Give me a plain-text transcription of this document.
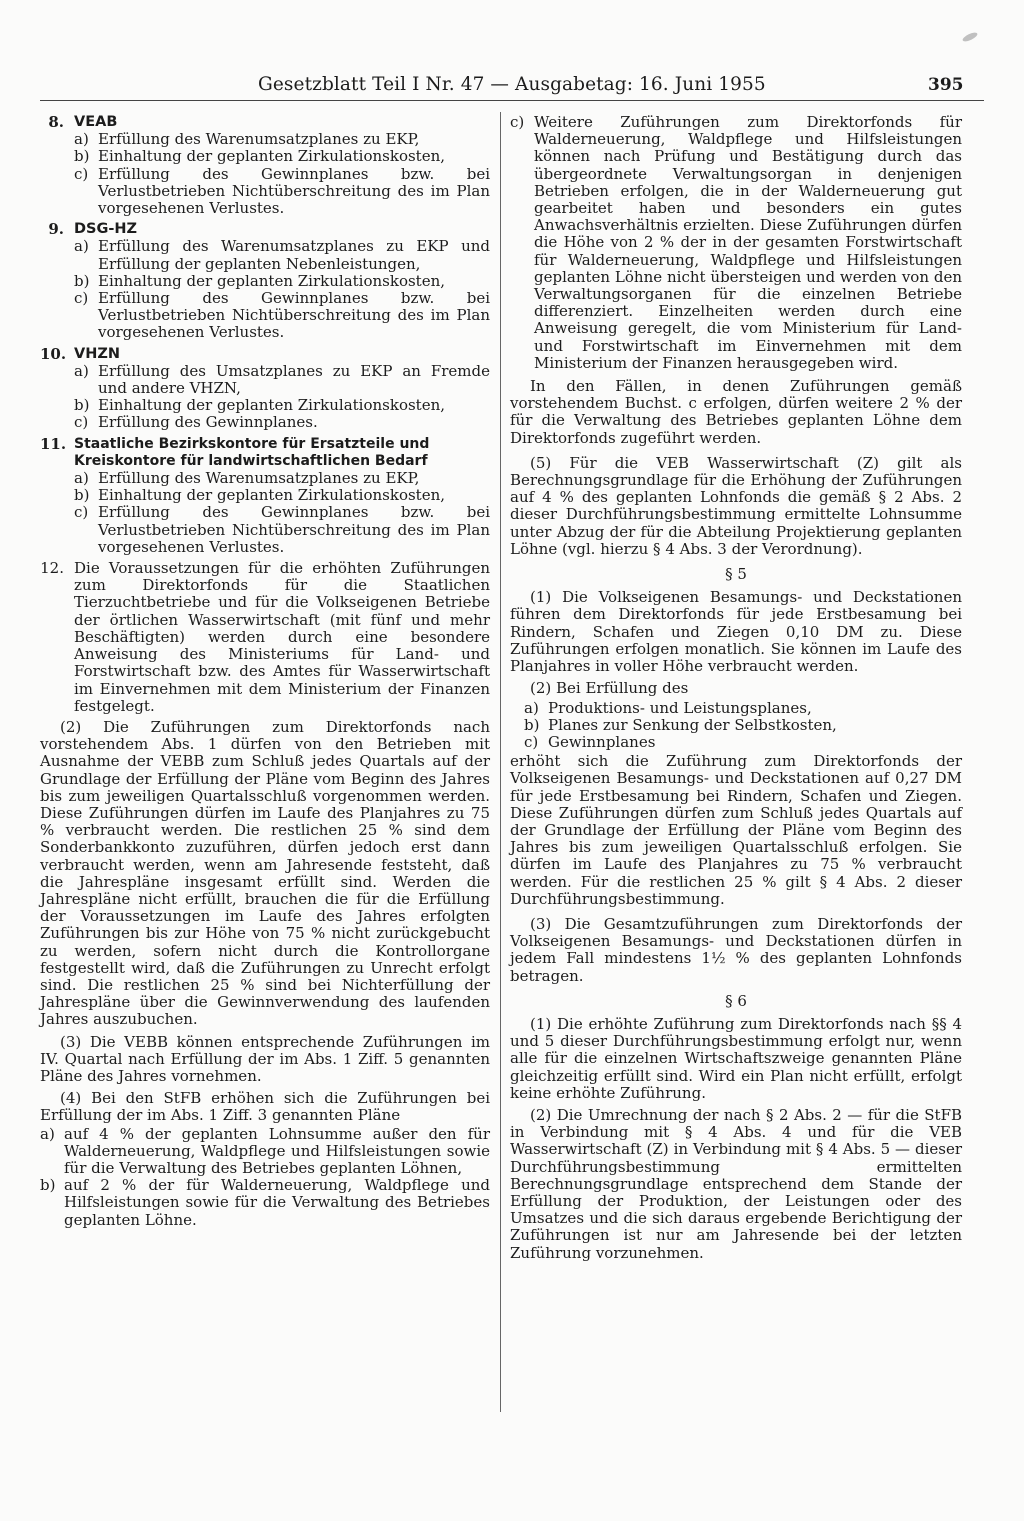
Gesetzblatt Teil I Nr. 47 — Ausgabetag: 16. Juni 1955	395
8. VEAB
a) Erfüllung des Warenumsatzplanes zu EKP,
b) Einhaltung der geplanten Zirkulationskosten,
c) Erfüllung des Gewinnplanes bzw. bei Verlustbetrieben Nichtüberschreitung des im Plan vorgesehenen Verlustes.
9. DSG-HZ
a) Erfüllung des Warenumsatzplanes zu EKP und Erfüllung der geplanten Nebenleistungen,
b) Einhaltung der geplanten Zirkulationskosten,
c) Erfüllung des Gewinnplanes bzw. bei Verlustbetrieben Nichtüberschreitung des im Plan vorgesehenen Verlustes.
10. VHZN
a) Erfüllung des Umsatzplanes zu EKP an Fremde und andere VHZN,
b) Einhaltung der geplanten Zirkulationskosten,
c) Erfüllung des Gewinnplanes.
11. Staatliche Bezirkskontore für Ersatzteile und Kreiskontore für landwirtschaftlichen Bedarf
a) Erfüllung des Warenumsatzplanes zu EKP,
b) Einhaltung der geplanten Zirkulationskosten,
c) Erfüllung des Gewinnplanes bzw. bei Verlustbetrieben Nichtüberschreitung des im Plan vorgesehenen Verlustes.
12. Die Voraussetzungen für die erhöhten Zuführungen zum Direktorfonds für die Staatlichen Tierzuchtbetriebe und für die Volkseigenen Betriebe der örtlichen Wasserwirtschaft (mit fünf und mehr Beschäftigten) werden durch eine besondere Anweisung des Ministeriums für Land- und Forstwirtschaft bzw. des Amtes für Wasserwirtschaft im Einvernehmen mit dem Ministerium der Finanzen festgelegt.

(2) Die Zuführungen zum Direktorfonds nach vorstehendem Abs. 1 dürfen von den Betrieben mit Ausnahme der VEBB zum Schluß jedes Quartals auf der Grundlage der Erfüllung der Pläne vom Beginn des Jahres bis zum jeweiligen Quartalsschluß vorgenommen werden. Diese Zuführungen dürfen im Laufe des Planjahres zu 75 % verbraucht werden. Die restlichen 25 % sind dem Sonderbankkonto zuzuführen, dürfen jedoch erst dann verbraucht werden, wenn am Jahresende feststeht, daß die Jahrespläne insgesamt erfüllt sind. Werden die Jahrespläne nicht erfüllt, brauchen die für die Erfüllung der Voraussetzungen im Laufe des Jahres erfolgten Zuführungen bis zur Höhe von 75 % nicht zurückgebucht zu werden, sofern nicht durch die Kontrollorgane festgestellt wird, daß die Zuführungen zu Unrecht erfolgt sind. Die restlichen 25 % sind bei Nichterfüllung der Jahrespläne über die Gewinnverwendung des laufenden Jahres auszubuchen.

(3) Die VEBB können entsprechende Zuführungen im IV. Quartal nach Erfüllung der im Abs. 1 Ziff. 5 genannten Pläne des Jahres vornehmen.

(4) Bei den StFB erhöhen sich die Zuführungen bei Erfüllung der im Abs. 1 Ziff. 3 genannten Pläne

a) auf 4 % der geplanten Lohnsumme außer den für Walderneuerung, Waldpflege und Hilfsleistungen sowie für die Verwaltung des Betriebes geplanten Löhnen,
b) auf 2 % der für Walderneuerung, Waldpflege und Hilfsleistungen sowie für die Verwaltung des Betriebes geplanten Löhne.
c) Weitere Zuführungen zum Direktorfonds für Walderneuerung, Waldpflege und Hilfsleistungen können nach Prüfung und Bestätigung durch das übergeordnete Verwaltungsorgan in denjenigen Betrieben erfolgen, die in der Walderneuerung gut gearbeitet haben und besonders ein gutes Anwachsverhältnis erzielten. Diese Zuführungen dürfen die Höhe von 2 % der in der gesamten Forstwirtschaft für Walderneuerung, Waldpflege und Hilfsleistungen geplanten Löhne nicht übersteigen und werden von den Verwaltungsorganen für die einzelnen Betriebe differenziert. Einzelheiten werden durch eine Anweisung geregelt, die vom Ministerium für Land- und Forstwirtschaft im Einvernehmen mit dem Ministerium der Finanzen herausgegeben wird.

In den Fällen, in denen Zuführungen gemäß vorstehendem Buchst. c erfolgen, dürfen weitere 2 % der für die Verwaltung des Betriebes geplanten Löhne dem Direktorfonds zugeführt werden.

(5) Für die VEB Wasserwirtschaft (Z) gilt als Berechnungsgrundlage für die Erhöhung der Zuführungen auf 4 % des geplanten Lohnfonds die gemäß § 2 Abs. 2 dieser Durchführungsbestimmung ermittelte Lohnsumme unter Abzug der für die Abteilung Projektierung geplanten Löhne (vgl. hierzu § 4 Abs. 3 der Verordnung).

§ 5

(1) Die Volkseigenen Besamungs- und Deckstationen führen dem Direktorfonds für jede Erstbesamung bei Rindern, Schafen und Ziegen 0,10 DM zu. Diese Zuführungen erfolgen monatlich. Sie können im Laufe des Planjahres in voller Höhe verbraucht werden.

(2) Bei Erfüllung des

a) Produktions- und Leistungsplanes,
b) Planes zur Senkung der Selbstkosten,
c) Gewinnplanes

erhöht sich die Zuführung zum Direktorfonds der Volkseigenen Besamungs- und Deckstationen auf 0,27 DM für jede Erstbesamung bei Rindern, Schafen und Ziegen. Diese Zuführungen dürfen zum Schluß jedes Quartals auf der Grundlage der Erfüllung der Pläne vom Beginn des Jahres bis zum jeweiligen Quartalsschluß erfolgen. Sie dürfen im Laufe des Planjahres zu 75 % verbraucht werden. Für die restlichen 25 % gilt § 4 Abs. 2 dieser Durchführungsbestimmung.

(3) Die Gesamtzuführungen zum Direktorfonds der Volkseigenen Besamungs- und Deckstationen dürfen in jedem Fall mindestens 1½ % des geplanten Lohnfonds betragen.

§ 6

(1) Die erhöhte Zuführung zum Direktorfonds nach §§ 4 und 5 dieser Durchführungsbestimmung erfolgt nur, wenn alle für die einzelnen Wirtschaftszweige genannten Pläne gleichzeitig erfüllt sind. Wird ein Plan nicht erfüllt, erfolgt keine erhöhte Zuführung.

(2) Die Umrechnung der nach § 2 Abs. 2 — für die StFB in Verbindung mit § 4 Abs. 4 und für die VEB Wasserwirtschaft (Z) in Verbindung mit § 4 Abs. 5 — dieser Durchführungsbestimmung ermittelten Berechnungsgrundlage entsprechend dem Stande der Erfüllung der Produktion, der Leistungen oder des Umsatzes und die sich daraus ergebende Berichtigung der Zuführungen ist nur am Jahresende bei der letzten Zuführung vorzunehmen.
